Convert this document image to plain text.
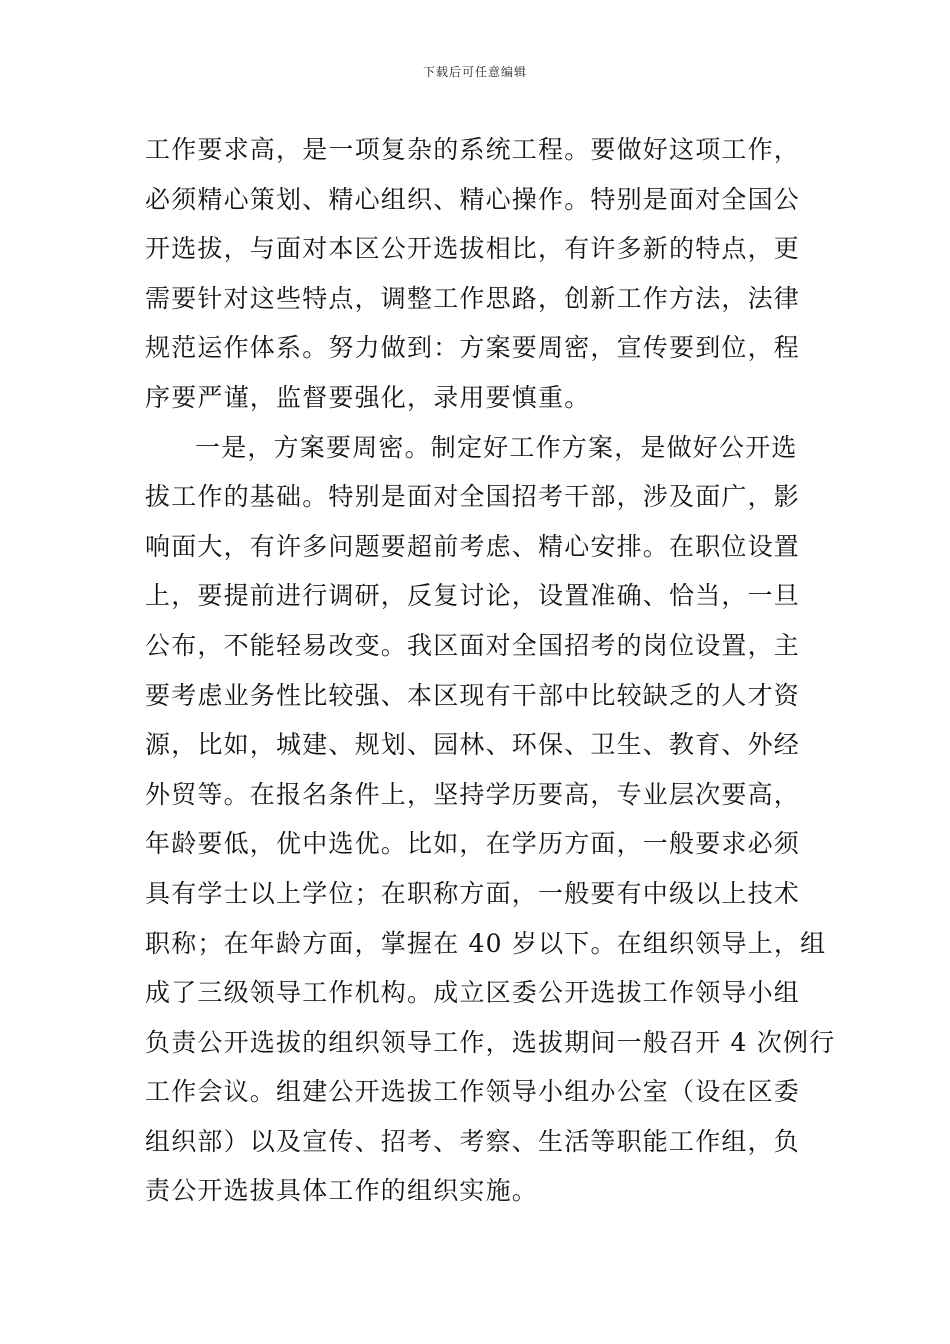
下载后可任意编辑
工作要求高，是一项复杂的系统工程。要做好这项工作，
必须精心策划、精心组织、精心操作。特别是面对全国公
开选拔，与面对本区公开选拔相比，有许多新的特点，更
需要针对这些特点，调整工作思路，创新工作方法，法律
规范运作体系。努力做到：方案要周密，宣传要到位，程
序要严谨，监督要强化，录用要慎重。
一是，方案要周密。制定好工作方案，是做好公开选
拔工作的基础。特别是面对全国招考干部，涉及面广，影
响面大，有许多问题要超前考虑、精心安排。在职位设置
上，要提前进行调研，反复讨论，设置准确、恰当，一旦
公布，不能轻易改变。我区面对全国招考的岗位设置，主
要考虑业务性比较强、本区现有干部中比较缺乏的人才资
源，比如，城建、规划、园林、环保、卫生、教育、外经
外贸等。在报名条件上，坚持学历要高，专业层次要高，
年龄要低，优中选优。比如，在学历方面，一般要求必须
具有学士以上学位；在职称方面，一般要有中级以上技术
职称；在年龄方面，掌握在 40 岁以下。在组织领导上，组
成了三级领导工作机构。成立区委公开选拔工作领导小组
负责公开选拔的组织领导工作，选拔期间一般召开 4 次例行
工作会议。组建公开选拔工作领导小组办公室（设在区委
组织部）以及宣传、招考、考察、生活等职能工作组，负
责公开选拔具体工作的组织实施。
